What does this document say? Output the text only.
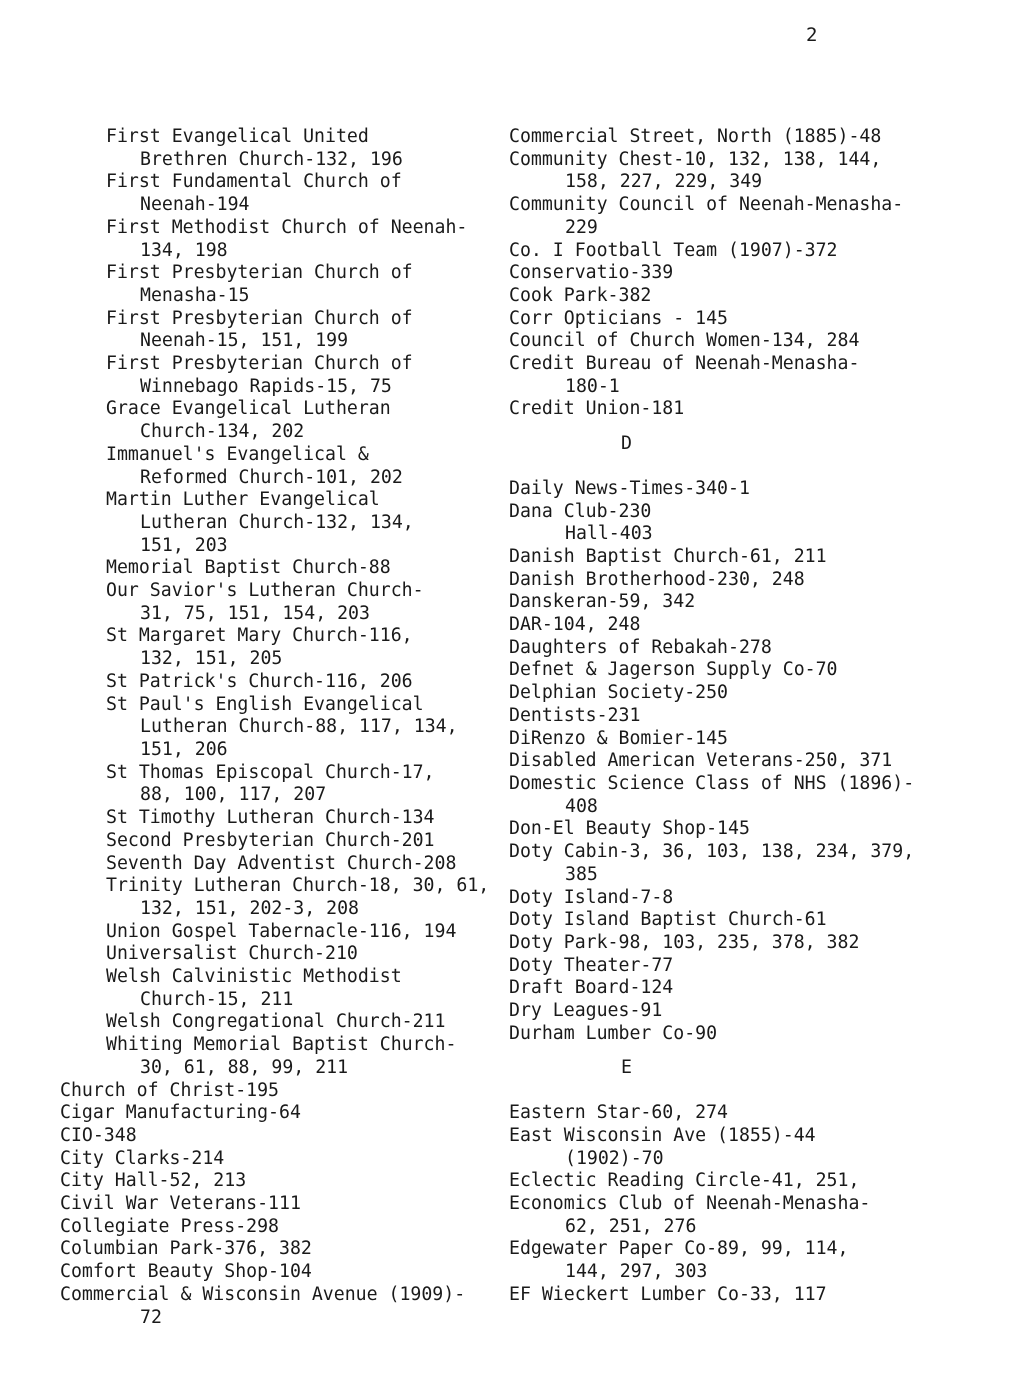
2
First Evangelical United
Brethren Church-132, 196
First Fundamental Church of
Neenah-194
First Methodist Church of Neenah-
134, 198
First Presbyterian Church of
Menasha-15
First Presbyterian Church of
Neenah-15, 151, 199
First Presbyterian Church of
Winnebago Rapids-15, 75
Grace Evangelical Lutheran
Church-134, 202
Immanuel's Evangelical &
Reformed Church-101, 202
Martin Luther Evangelical
Lutheran Church-132, 134,
151, 203
Memorial Baptist Church-88
Our Savior's Lutheran Church-
31, 75, 151, 154, 203
St Margaret Mary Church-116,
132, 151, 205
St Patrick's Church-116, 206
St Paul's English Evangelical
Lutheran Church-88, 117, 134,
151, 206
St Thomas Episcopal Church-17,
88, 100, 117, 207
St Timothy Lutheran Church-134
Second Presbyterian Church-201
Seventh Day Adventist Church-208
Trinity Lutheran Church-18, 30, 61,
132, 151, 202-3, 208
Union Gospel Tabernacle-116, 194
Universalist Church-210
Welsh Calvinistic Methodist
Church-15, 211
Welsh Congregational Church-211
Whiting Memorial Baptist Church-
30, 61, 88, 99, 211
Church of Christ-195
Cigar Manufacturing-64
CIO-348
City Clarks-214
City Hall-52, 213
Civil War Veterans-111
Collegiate Press-298
Columbian Park-376, 382
Comfort Beauty Shop-104
Commercial & Wisconsin Avenue (1909)-
72
Commercial Street, North (1885)-48
Community Chest-10, 132, 138, 144,
158, 227, 229, 349
Community Council of Neenah-Menasha-
229
Co. I Football Team (1907)-372
Conservatio-339
Cook Park-382
Corr Opticians - 145
Council of Church Women-134, 284
Credit Bureau of Neenah-Menasha-
180-1
Credit Union-181
D
Daily News-Times-340-1
Dana Club-230
Hall-403
Danish Baptist Church-61, 211
Danish Brotherhood-230, 248
Danskeran-59, 342
DAR-104, 248
Daughters of Rebakah-278
Defnet & Jagerson Supply Co-70
Delphian Society-250
Dentists-231
DiRenzo & Bomier-145
Disabled American Veterans-250, 371
Domestic Science Class of NHS (1896)-
408
Don-El Beauty Shop-145
Doty Cabin-3, 36, 103, 138, 234, 379,
385
Doty Island-7-8
Doty Island Baptist Church-61
Doty Park-98, 103, 235, 378, 382
Doty Theater-77
Draft Board-124
Dry Leagues-91
Durham Lumber Co-90
E
Eastern Star-60, 274
East Wisconsin Ave (1855)-44
(1902)-70
Eclectic Reading Circle-41, 251,
Economics Club of Neenah-Menasha-
62, 251, 276
Edgewater Paper Co-89, 99, 114,
144, 297, 303
EF Wieckert Lumber Co-33, 117
